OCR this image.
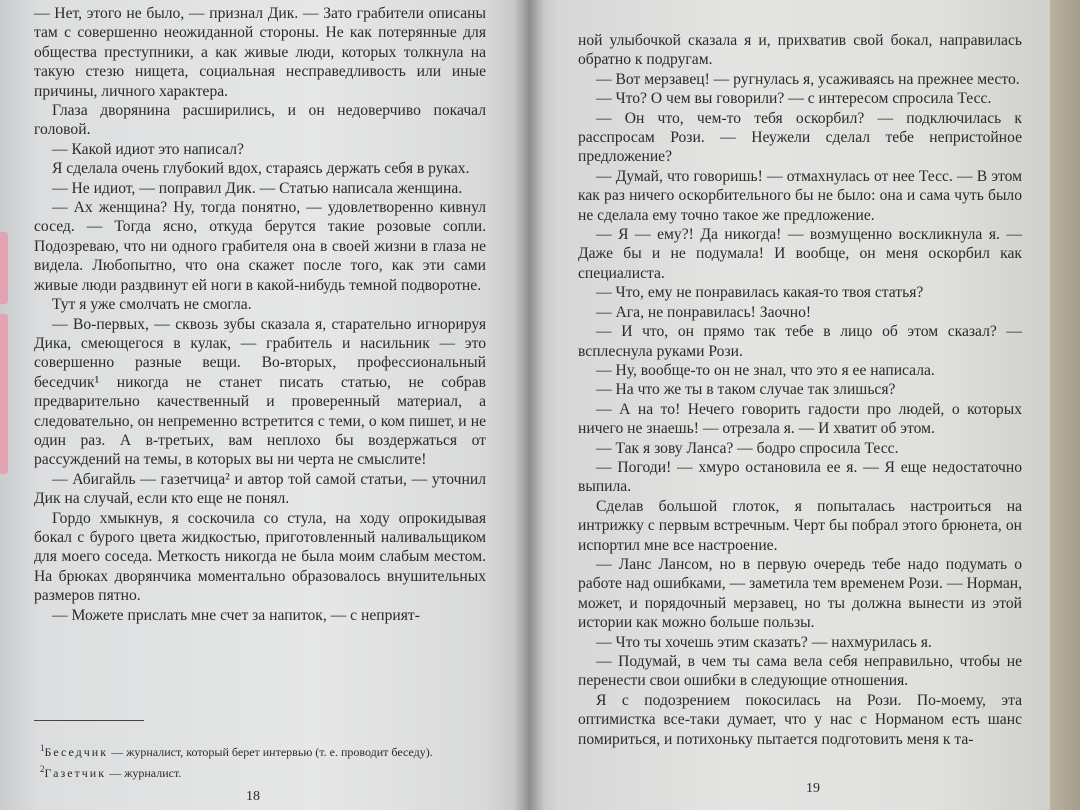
— Нет, этого не было, — признал Дик. — Зато грабители описаны там с совершенно неожиданной стороны. Не как потерянные для общества преступники, а как живые люди, которых толкнула на такую стезю нищета, социальная несправедливость или иные причины, личного характера.

Глаза дворянина расширились, и он недоверчиво покачал головой.

— Какой идиот это написал?

Я сделала очень глубокий вдох, стараясь держать себя в руках.

— Не идиот, — поправил Дик. — Статью написала женщина.

— Ах женщина? Ну, тогда понятно, — удовлетворенно кивнул сосед. — Тогда ясно, откуда берутся такие розовые сопли. Подозреваю, что ни одного грабителя она в своей жизни в глаза не видела. Любопытно, что она скажет после того, как эти сами живые люди раздвинут ей ноги в какой-нибудь темной подворотне.

Тут я уже смолчать не смогла.

— Во-первых, — сквозь зубы сказала я, старательно игнорируя Дика, смеющегося в кулак, — грабитель и насильник — это совершенно разные вещи. Во-вторых, профессиональный беседчик¹ никогда не станет писать статью, не собрав предварительно качественный и проверенный материал, а следовательно, он непременно встретится с теми, о ком пишет, и не один раз. А в-третьих, вам неплохо бы воздержаться от рассуждений на темы, в которых вы ни черта не смыслите!

— Абигайль — газетчица² и автор той самой статьи, — уточнил Дик на случай, если кто еще не понял.

Гордо хмыкнув, я соскочила со стула, на ходу опрокидывая бокал с бурого цвета жидкостью, приготовленный наливальщиком для моего соседа. Меткость никогда не была моим слабым местом. На брюках дворянчика моментально образовалось внушительных размеров пятно.

— Можете прислать мне счет за напиток, — с неприят-

$^1$Беседчик — журналист, который берет интервью (т. е. проводит беседу).
$^2$Газетчик — журналист.
18

ной улыбочкой сказала я и, прихватив свой бокал, направилась обратно к подругам.

— Вот мерзавец! — ругнулась я, усаживаясь на прежнее место.

— Что? О чем вы говорили? — с интересом спросила Тесс.

— Он что, чем-то тебя оскорбил? — подключилась к расспросам Рози. — Неужели сделал тебе непристойное предложение?

— Думай, что говоришь! — отмахнулась от нее Тесс. — В этом как раз ничего оскорбительного бы не было: она и сама чуть было не сделала ему точно такое же предложение.

— Я — ему?! Да никогда! — возмущенно воскликнула я. — Даже бы и не подумала! И вообще, он меня оскорбил как специалиста.

— Что, ему не понравилась какая-то твоя статья?

— Ага, не понравилась! Заочно!

— И что, он прямо так тебе в лицо об этом сказал? — всплеснула руками Рози.

— Ну, вообще-то он не знал, что это я ее написала.

— На что же ты в таком случае так злишься?

— А на то! Нечего говорить гадости про людей, о которых ничего не знаешь! — отрезала я. — И хватит об этом.

— Так я зову Ланса? — бодро спросила Тесс.

— Погоди! — хмуро остановила ее я. — Я еще недостаточно выпила.

Сделав большой глоток, я попыталась настроиться на интрижку с первым встречным. Черт бы побрал этого брюнета, он испортил мне все настроение.

— Ланс Лансом, но в первую очередь тебе надо подумать о работе над ошибками, — заметила тем временем Рози. — Норман, может, и порядочный мерзавец, но ты должна вынести из этой истории как можно больше пользы.

— Что ты хочешь этим сказать? — нахмурилась я.

— Подумай, в чем ты сама вела себя неправильно, чтобы не перенести свои ошибки в следующие отношения.

Я с подозрением покосилась на Рози. По-моему, эта оптимистка все-таки думает, что у нас с Норманом есть шанс помириться, и потихоньку пытается подготовить меня к та-

19
